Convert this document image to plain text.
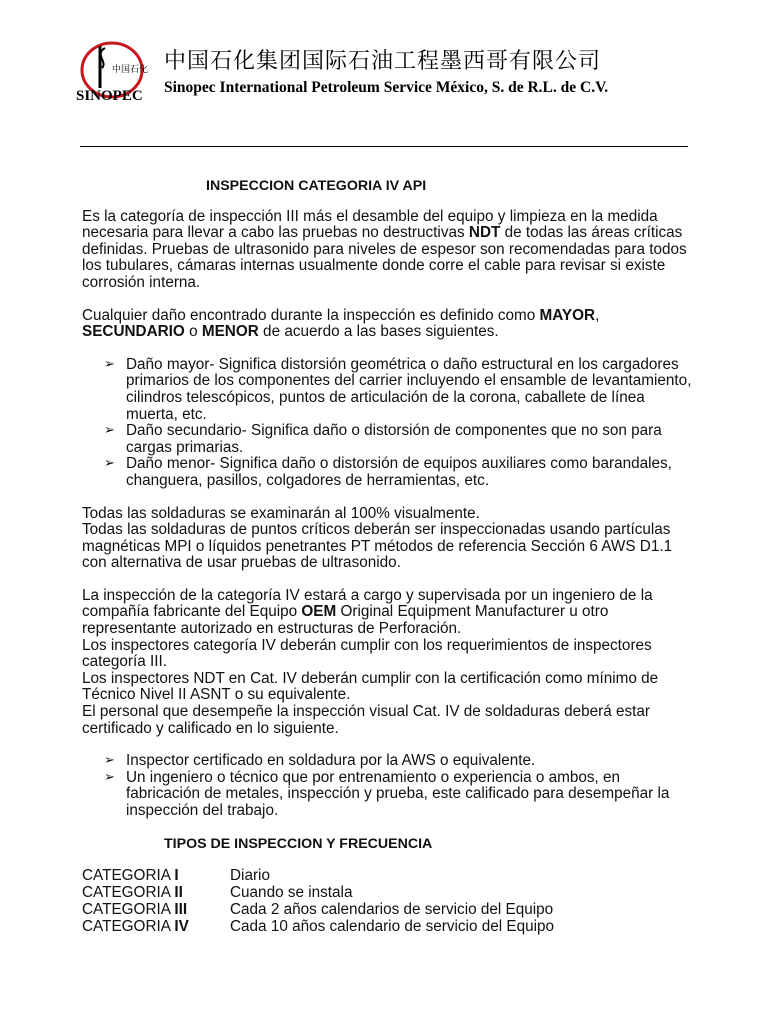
中国石化
SINOPEC
中国石化集团国际石油工程墨西哥有限公司
Sinopec International Petroleum Service México, S. de R.L. de C.V.
INSPECCION CATEGORIA IV API

Es la categoría de inspección III más el desamble del equipo y limpieza en la medida necesaria para llevar a cabo las pruebas no destructivas NDT de todas las áreas críticas definidas. Pruebas de ultrasonido para niveles de espesor son recomendadas para todos los tubulares, cámaras internas usualmente donde corre el cable para revisar si existe corrosión interna.

Cualquier daño encontrado durante la inspección es definido como MAYOR,
SECUNDARIO o MENOR de acuerdo a las bases siguientes.

➢ Daño mayor- Significa distorsión geométrica o daño estructural en los cargadores primarios de los componentes del carrier incluyendo el ensamble de levantamiento, cilindros telescópicos, puntos de articulación de la corona, caballete de línea muerta, etc.
➢ Daño secundario- Significa daño o distorsión de componentes que no son para cargas primarias.
➢ Daño menor- Significa daño o distorsión de equipos auxiliares como barandales, changuera, pasillos, colgadores de herramientas, etc.

Todas las soldaduras se examinarán al 100% visualmente.
Todas las soldaduras de puntos críticos deberán ser inspeccionadas usando partículas magnéticas MPI o líquidos penetrantes PT métodos de referencia Sección 6 AWS D1.1 con alternativa de usar pruebas de ultrasonido.

La inspección de la categoría IV estará a cargo y supervisada por un ingeniero de la compañía fabricante del Equipo OEM Original Equipment Manufacturer u otro representante autorizado en estructuras de Perforación.
Los inspectores categoría IV deberán cumplir con los requerimientos de inspectores categoría III.
Los inspectores NDT en Cat. IV deberán cumplir con la certificación como mínimo de Técnico Nivel II ASNT o su equivalente.
El personal que desempeñe la inspección visual Cat. IV de soldaduras deberá estar certificado y calificado en lo siguiente.

➢ Inspector certificado en soldadura por la AWS o equivalente.
➢ Un ingeniero o técnico que por entrenamiento o experiencia o ambos, en fabricación de metales, inspección y prueba, este calificado para desempeñar la inspección del trabajo.
TIPOS DE INSPECCION Y FRECUENCIA
CATEGORIA I	Diario
CATEGORIA II	Cuando se instala
CATEGORIA III	Cada 2 años calendarios de servicio del Equipo
CATEGORIA IV	Cada 10 años calendario de servicio del Equipo
